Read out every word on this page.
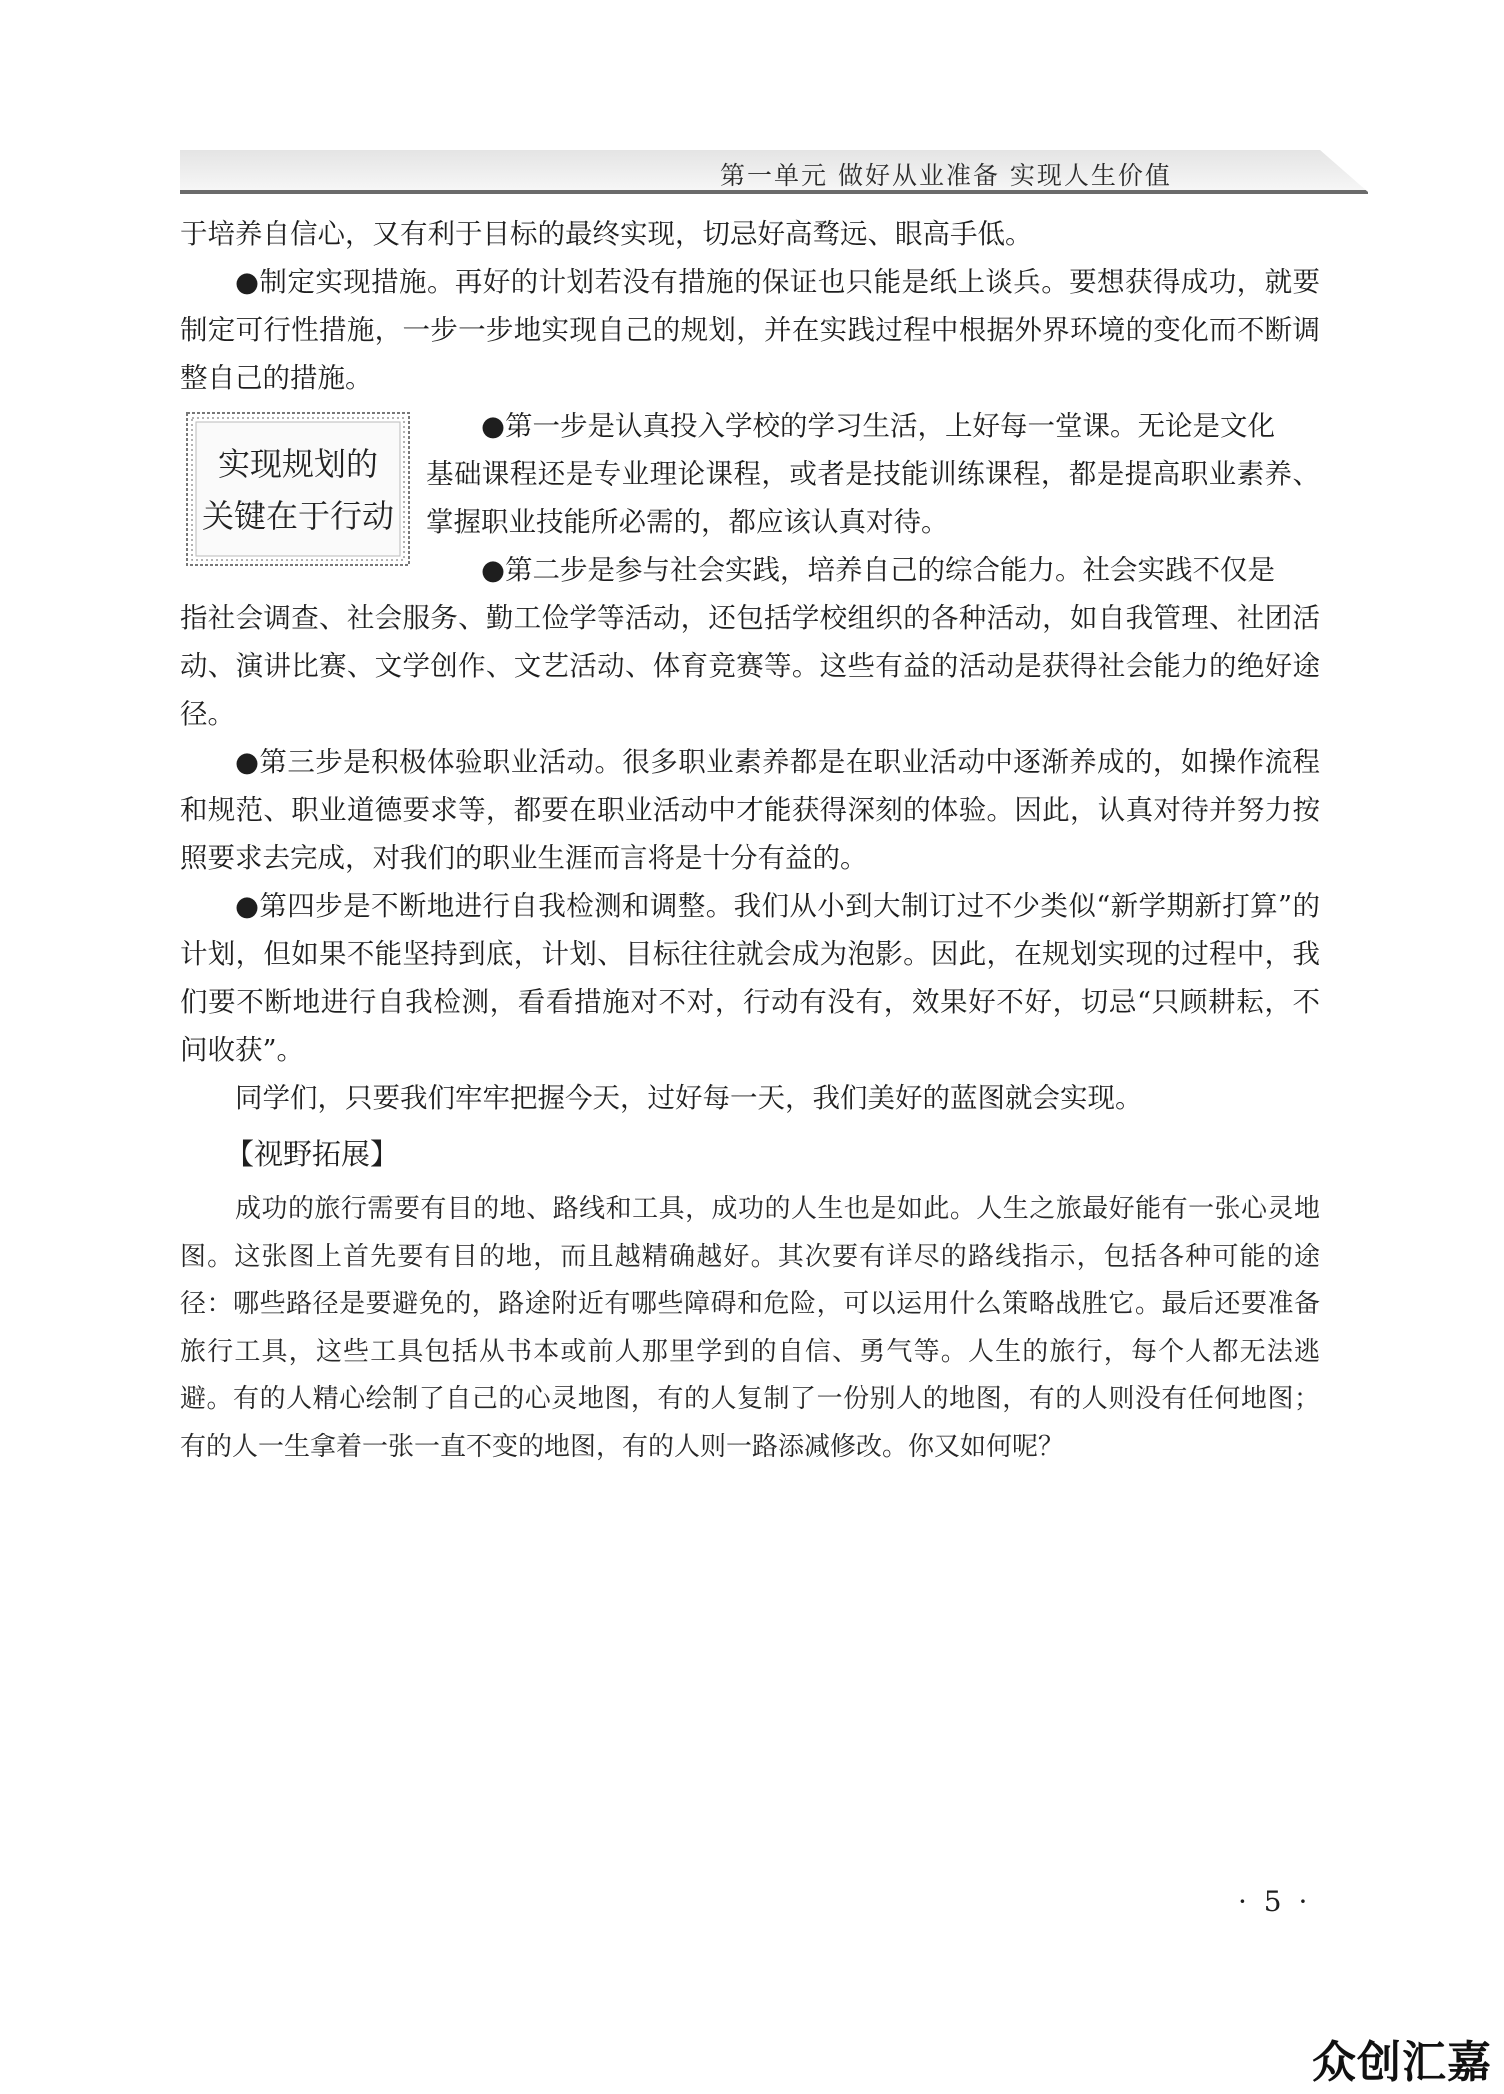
第一单元 做好从业准备 实现人生价值

于培养自信心，又有利于目标的最终实现，切忌好高骛远、眼高手低。

●制定实现措施。再好的计划若没有措施的保证也只能是纸上谈兵。要想获得成功，就要制定可行性措施，一步一步地实现自己的规划，并在实践过程中根据外界环境的变化而不断调整自己的措施。

实现规划的
关键在于行动

●第一步是认真投入学校的学习生活，上好每一堂课。无论是文化
基础课程还是专业理论课程，或者是技能训练课程，都是提高职业素养、掌握职业技能所必需的，都应该认真对待。

●第二步是参与社会实践，培养自己的综合能力。社会实践不仅是
指社会调查、社会服务、勤工俭学等活动，还包括学校组织的各种活动，如自我管理、社团活动、演讲比赛、文学创作、文艺活动、体育竞赛等。这些有益的活动是获得社会能力的绝好途径。

●第三步是积极体验职业活动。很多职业素养都是在职业活动中逐渐养成的，如操作流程和规范、职业道德要求等，都要在职业活动中才能获得深刻的体验。因此，认真对待并努力按照要求去完成，对我们的职业生涯而言将是十分有益的。

●第四步是不断地进行自我检测和调整。我们从小到大制订过不少类似“新学期新打算”的计划，但如果不能坚持到底，计划、目标往往就会成为泡影。因此，在规划实现的过程中，我们要不断地进行自我检测，看看措施对不对，行动有没有，效果好不好，切忌“只顾耕耘，不问收获”。

同学们，只要我们牢牢把握今天，过好每一天，我们美好的蓝图就会实现。

【视野拓展】

成功的旅行需要有目的地、路线和工具，成功的人生也是如此。人生之旅最好能有一张心灵地图。这张图上首先要有目的地，而且越精确越好。其次要有详尽的路线指示，包括各种可能的途径：哪些路径是要避免的，路途附近有哪些障碍和危险，可以运用什么策略战胜它。最后还要准备旅行工具，这些工具包括从书本或前人那里学到的自信、勇气等。人生的旅行，每个人都无法逃避。有的人精心绘制了自己的心灵地图，有的人复制了一份别人的地图，有的人则没有任何地图；有的人一生拿着一张一直不变的地图，有的人则一路添减修改。你又如何呢？

· 5 ·
众创汇嘉
